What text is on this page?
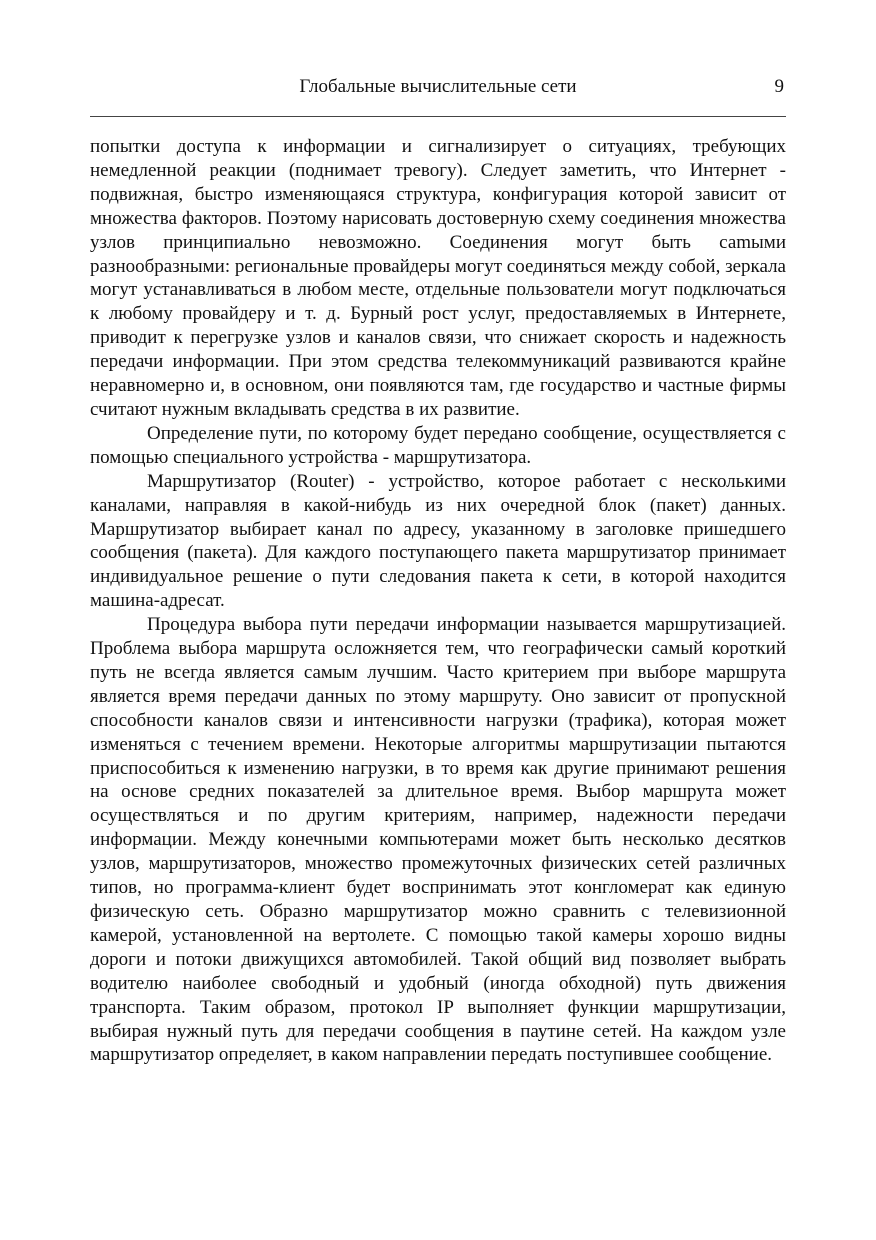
Глобальные вычислительные сети	9

попытки доступа к информации и сигнализирует о ситуациях, требующих немедленной реакции (поднимает тревогу). Следует заметить, что Интернет - подвижная, быстро изменяющаяся структура, конфигурация которой зависит от множества факторов. Поэтому нарисовать достоверную схему соединения множества узлов принципиально невозможно. Соединения могут быть саmыми разнообразными: региональные провайдеры могут соединяться между собой, зеркала могут устанавливаться в любом месте, отдельные пользователи могут подключаться к любому провайдеру и т. д. Бурный рост услуг, предоставляемых в Интернете, приводит к перегрузке узлов и каналов связи, что снижает скорость и надежность передачи информации. При этом средства телекоммуникаций развиваются крайне неравномерно и, в основном, они появляются там, где государство и частные фирмы считают нужным вкладывать средства в их развитие.

Определение пути, по которому будет передано сообщение, осуществляется с помощью специального устройства - маршрутизатора.

Маршрутизатор (Router) - устройство, которое работает с несколькими каналами, направляя в какой-нибудь из них очередной блок (пакет) данных. Маршрутизатор выбирает канал по адресу, указанному в заголовке пришедшего сообщения (пакета). Для каждого поступающего пакета маршрутизатор принимает индивидуальное решение о пути следования пакета к сети, в которой находится машина-адресат.

Процедура выбора пути передачи информации называется маршрутизацией. Проблема выбора маршрута осложняется тем, что географически самый короткий путь не всегда является самым лучшим. Часто критерием при выборе маршрута является время передачи данных по этому маршруту. Оно зависит от пропускной способности каналов связи и интенсивности нагрузки (трафика), которая может изменяться с течением времени. Некоторые алгоритмы маршрутизации пытаются приспособиться к изменению нагрузки, в то время как другие принимают решения на основе средних показателей за длительное время. Выбор маршрута может осуществляться и по другим критериям, например, надежности передачи информации. Между конечными компьютерами может быть несколько десятков узлов, маршрутизаторов, множество промежуточных физических сетей различных типов, но программа-клиент будет воспринимать этот конгломерат как единую физическую сеть. Образно маршрутизатор можно сравнить с телевизионной камерой, установленной на вертолете. С помощью такой камеры хорошо видны дороги и потоки движущихся автомобилей. Такой общий вид позволяет выбрать водителю наиболее свободный и удобный (иногда обходной) путь движения транспорта. Таким образом, протокол IP выполняет функции маршрутизации, выбирая нужный путь для передачи сообщения в паутине сетей. На каждом узле маршрутизатор определяет, в каком направлении передать поступившее сообщение.
